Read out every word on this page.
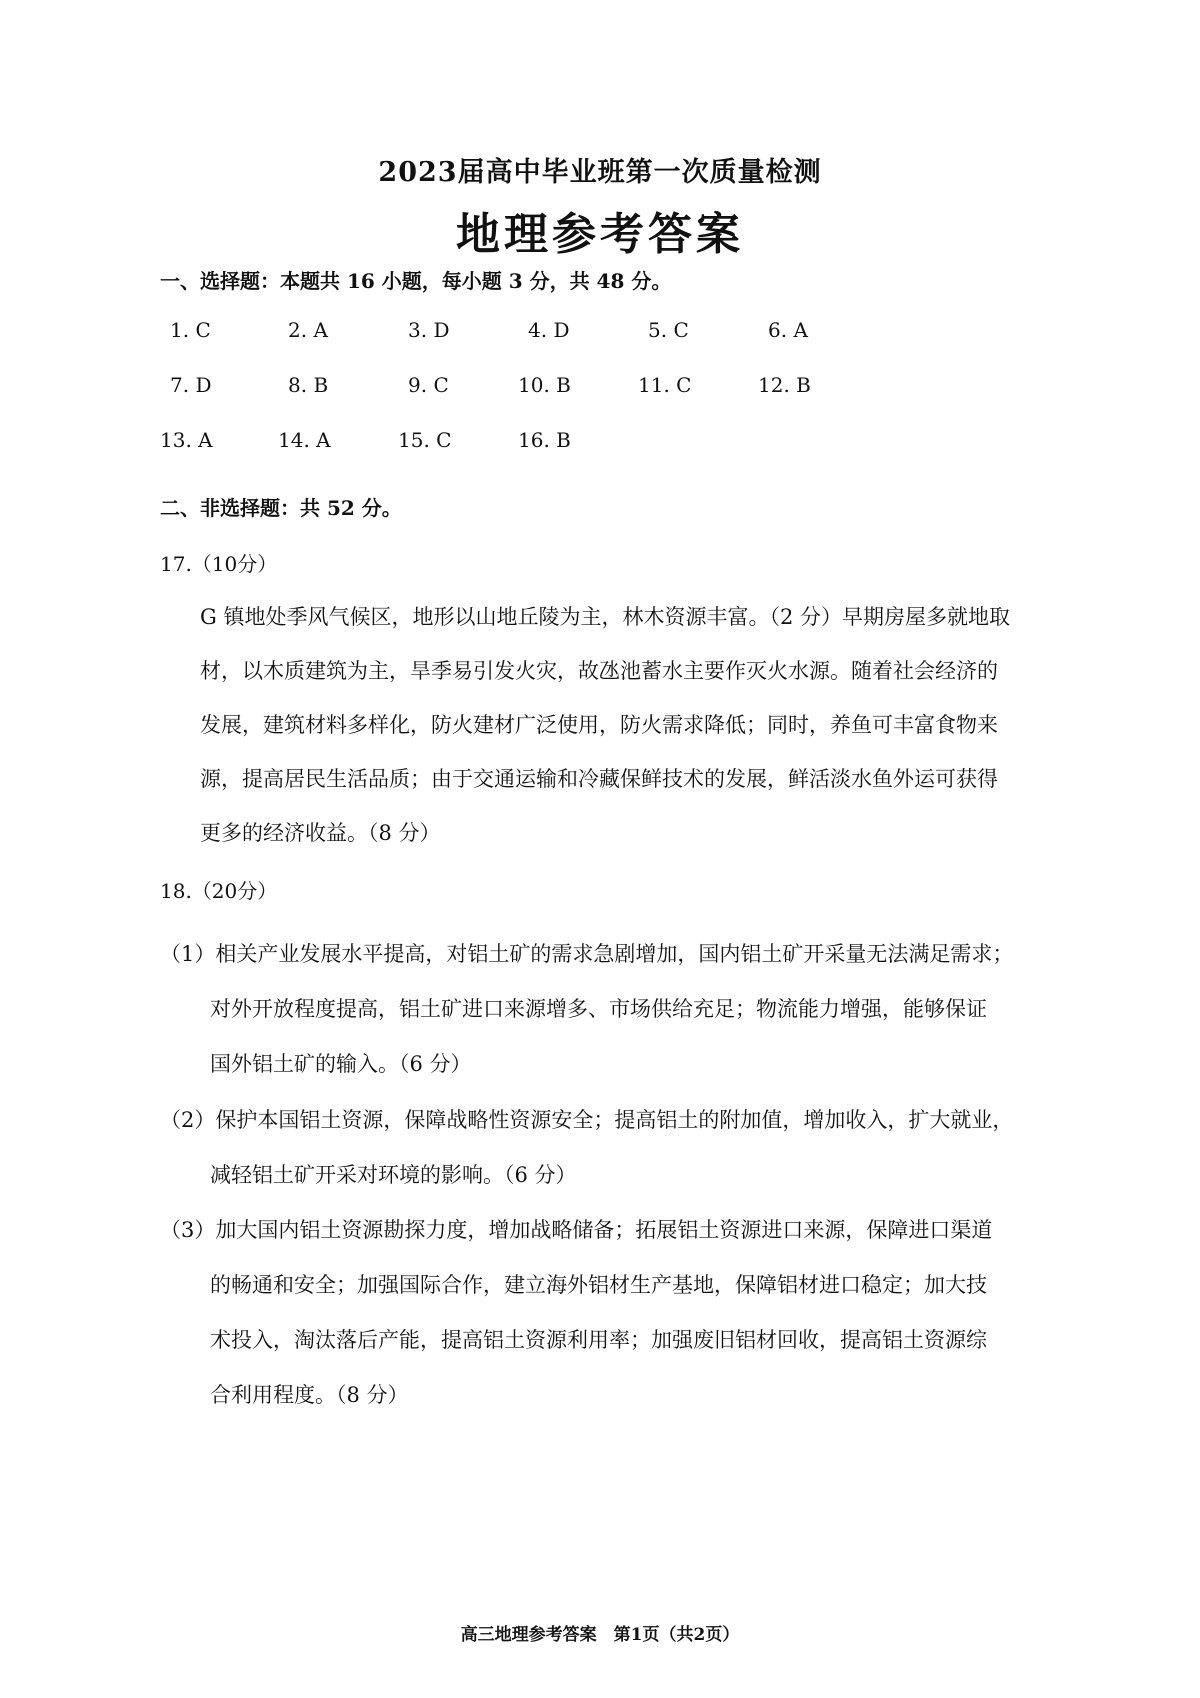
2023届高中毕业班第一次质量检测
地理参考答案
一、选择题：本题共 16 小题，每小题 3 分，共 48 分。
1. C	2. A	3. D	4. D	5. C	6. A
7. D	8. B	9. C	10. B	11. C	12. B
13. A	14. A	15. C	16. B
二、非选择题：共 52 分。
17.（10分）
G 镇地处季风气候区，地形以山地丘陵为主，林木资源丰富。（2 分）早期房屋多就地取
材，以木质建筑为主，旱季易引发火灾，故氹池蓄水主要作灭火水源。随着社会经济的
发展，建筑材料多样化，防火建材广泛使用，防火需求降低；同时，养鱼可丰富食物来
源，提高居民生活品质；由于交通运输和冷藏保鲜技术的发展，鲜活淡水鱼外运可获得
更多的经济收益。（8 分）
18.（20分）
（1）相关产业发展水平提高，对铝土矿的需求急剧增加，国内铝土矿开采量无法满足需求；
对外开放程度提高，铝土矿进口来源增多、市场供给充足；物流能力增强，能够保证
国外铝土矿的输入。（6 分）
（2）保护本国铝土资源，保障战略性资源安全；提高铝土的附加值，增加收入，扩大就业，
减轻铝土矿开采对环境的影响。（6 分）
（3）加大国内铝土资源勘探力度，增加战略储备；拓展铝土资源进口来源，保障进口渠道
的畅通和安全；加强国际合作，建立海外铝材生产基地，保障铝材进口稳定；加大技
术投入，淘汰落后产能，提高铝土资源利用率；加强废旧铝材回收，提高铝土资源综
合利用程度。（8 分）
高三地理参考答案　第1页（共2页）
